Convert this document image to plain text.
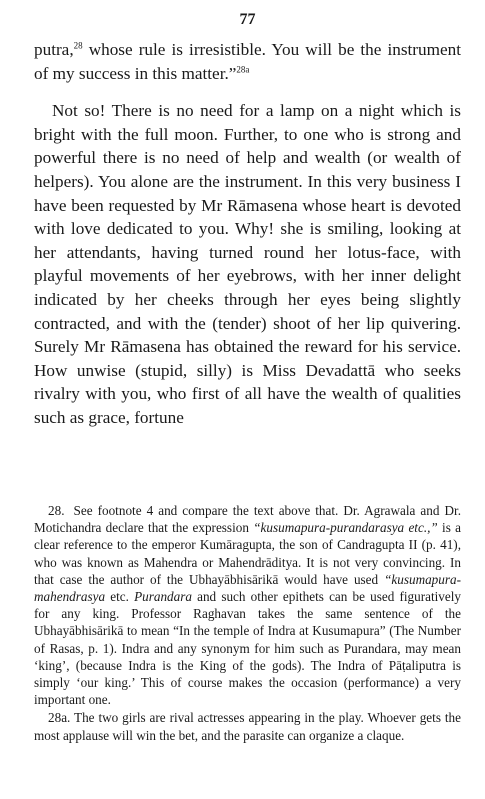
77

putra,$^{28}$ whose rule is irresistible. You will be the instrument of my success in this matter.”$^{28a}$

Not so! There is no need for a lamp on a night which is bright with the full moon. Further, to one who is strong and powerful there is no need of help and wealth (or wealth of helpers). You alone are the instrument. In this very business I have been requested by Mr Rāmasena whose heart is devoted with love dedicated to you. Why! she is smiling, looking at her attendants, having turned round her lotus-face, with playful movements of her eyebrows, with her inner delight indicated by her cheeks through her eyes being slightly contracted, and with the (tender) shoot of her lip quivering. Surely Mr Rāmasena has obtained the reward for his service. How unwise (stupid, silly) is Miss Devadattā who seeks rivalry with you, who first of all have the wealth of qualities such as grace, fortune

28. See footnote 4 and compare the text above that. Dr. Agrawala and Dr. Motichandra declare that the expression “kusumapura-purandarasya etc.,” is a clear reference to the emperor Kumāragupta, the son of Candragupta II (p. 41), who was known as Mahendra or Mahendrāditya. It is not very convincing. In that case the author of the Ubhayābhisārikā would have used “kusumapura-mahendrasya etc. Purandara and such other epithets can be used figuratively for any king. Professor Raghavan takes the same sentence of the Ubhayābhisārikā to mean “In the temple of Indra at Kusumapura” (The Number of Rasas, p. 1). Indra and any synonym for him such as Purandara, may mean ‘king’, (because Indra is the King of the gods). The Indra of Pāṭaliputra is simply ‘our king.’ This of course makes the occasion (performance) a very important one.

28a. The two girls are rival actresses appearing in the play. Whoever gets the most applause will win the bet, and the parasite can organize a claque.
